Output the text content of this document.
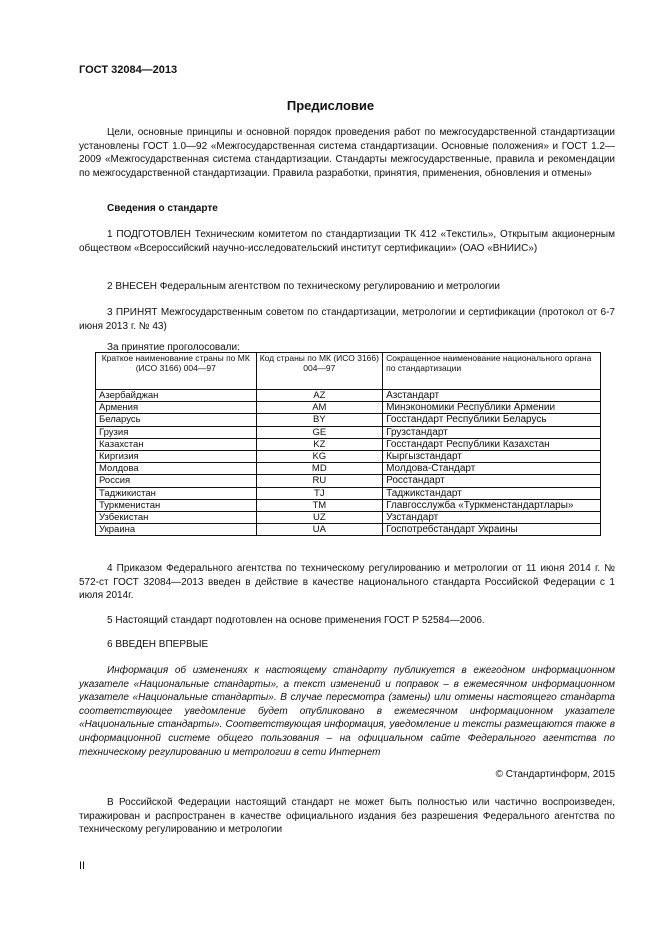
ГОСТ 32084—2013
Предисловие

Цели, основные принципы и основной порядок проведения работ по межгосударственной стандартизации установлены ГОСТ 1.0—92 «Межгосударственная система стандартизации. Основные положения» и ГОСТ 1.2—2009 «Межгосударственная система стандартизации. Стандарты межгосударственные, правила и рекомендации по межгосударственной стандартизации. Правила разработки, принятия, применения, обновления и отмены»

Сведения о стандарте

1 ПОДГОТОВЛЕН Техническим комитетом по стандартизации ТК 412 «Текстиль», Открытым акционерным обществом «Всероссийский научно-исследовательский институт сертификации» (ОАО «ВНИИС»)

2 ВНЕСЕН Федеральным агентством по техническому регулированию и метрологии

3 ПРИНЯТ Межгосударственным советом по стандартизации, метрологии и сертификации (протокол от 6-7 июня 2013 г. № 43)

За принятие проголосовали:
Краткое наименование страны по МК (ИСО 3166) 004—97	Код страны по МК (ИСО 3166) 004—97	Сокращенное наименование национального органа по стандартизации
Азербайджан	AZ	Азстандарт
Армения	AM	Минэкономики Республики Армении
Беларусь	BY	Госстандарт Республики Беларусь
Грузия	GE	Грузстандарт
Казахстан	KZ	Госстандарт Республики Казахстан
Киргизия	KG	Кыргызстандарт
Молдова	MD	Молдова-Стандарт
Россия	RU	Росстандарт
Таджикистан	TJ	Таджикстандарт
Туркменистан	TM	Главгосслужба «Туркменстандартлары»
Узбекистан	UZ	Узстандарт
Украина	UA	Госпотребстандарт Украины

4 Приказом Федерального агентства по техническому регулированию и метрологии от 11 июня 2014 г. № 572-ст ГОСТ 32084—2013 введен в действие в качестве национального стандарта Российской Федерации с 1 июля 2014г.

5 Настоящий стандарт подготовлен на основе применения ГОСТ Р 52584—2006.

6 ВВЕДЕН ВПЕРВЫЕ

Информация об изменениях к настоящему стандарту публикуется в ежегодном информационном указателе «Национальные стандарты», а текст изменений и поправок – в ежемесячном информационном указателе «Национальные стандарты». В случае пересмотра (замены) или отмены настоящего стандарта соответствующее уведомление будет опубликовано в ежемесячном информационном указателе «Национальные стандарты». Соответствующая информация, уведомление и тексты размещаются также в информационной системе общего пользования – на официальном сайте Федерального агентства по техническому регулированию и метрологии в сети Интернет

© Стандартинформ, 2015

В Российской Федерации настоящий стандарт не может быть полностью или частично воспроизведен, тиражирован и распространен в качестве официального издания без разрешения Федерального агентства по техническому регулированию и метрологии

II
